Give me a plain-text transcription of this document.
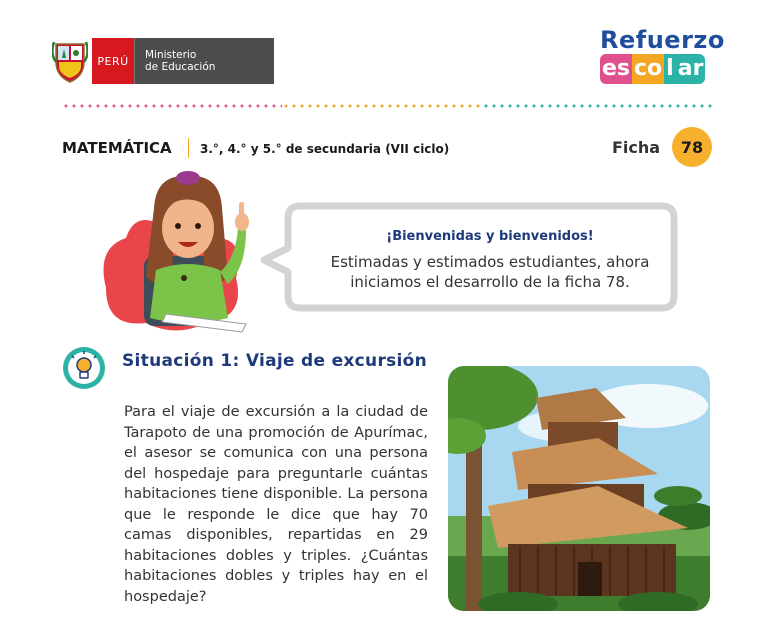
PERÚ	Ministerio
de Educación
Refuerzo
es co l ar
MATEMÁTICA 3.°, 4.° y 5.° de secundaria (VII ciclo)	Ficha	78
¡Bienvenidas y bienvenidos!
Estimadas y estimados estudiantes, ahora
iniciamos el desarrollo de la ficha 78.
Situación 1: Viaje de excursión
Para el viaje de excursión a la ciudad de Tarapoto de una promoción de Apurímac, el asesor se comunica con una persona del hospedaje para preguntarle cuántas habitaciones tiene disponible. La persona que le responde le dice que hay 70 camas disponibles, repartidas en 29 habitaciones dobles y triples. ¿Cuántas habitaciones dobles y triples hay en el hospedaje?
